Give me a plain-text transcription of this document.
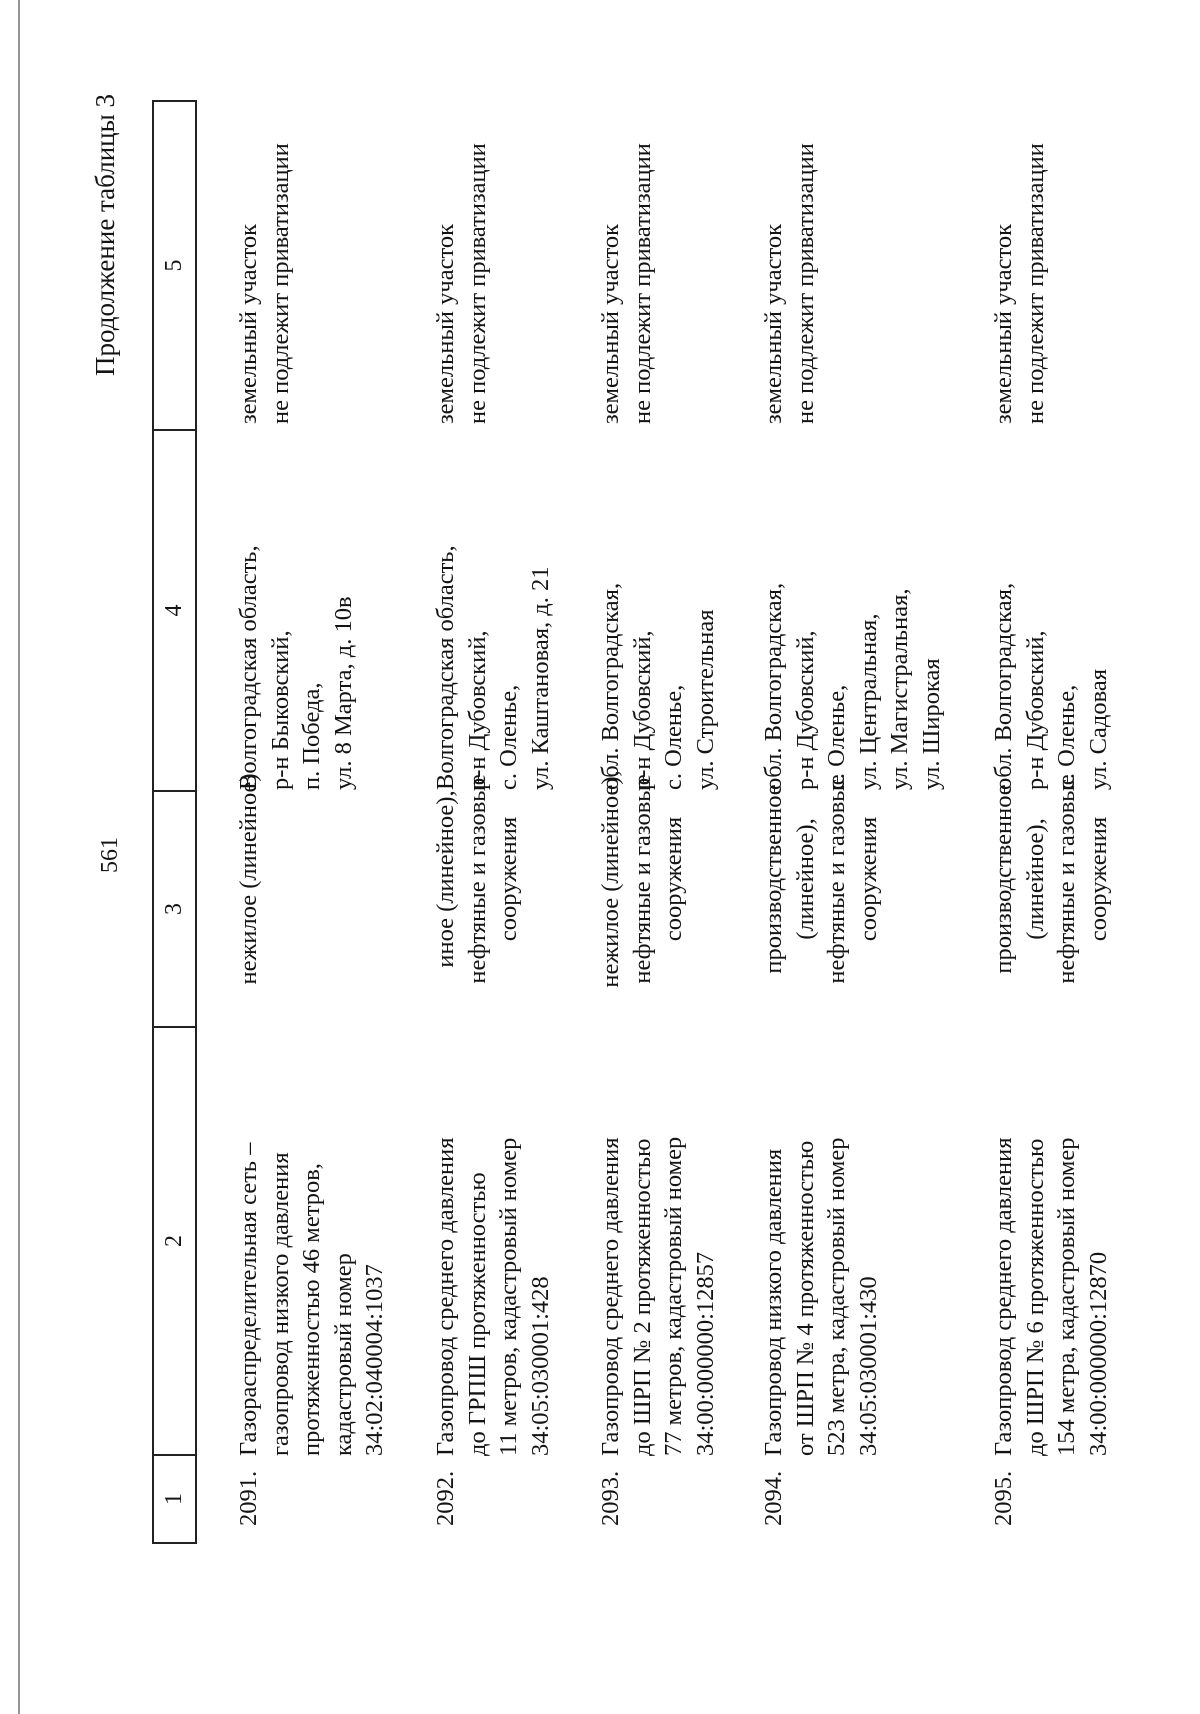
561
Продолжение таблицы 3
1
2
3
4
5
2091.
Газораспределительная сеть – газопровод низкого давления протяженностью 46 метров, кадастровый номер 34:02:040004:1037
нежилое (линейное)
Волгоградская область, р-н Быковский, п. Победа, ул. 8 Марта, д. 10в
земельный участок не подлежит приватизации
2092.
Газопровод среднего давления до ГРПШ протяженностью 11 метров, кадастровый номер 34:05:030001:428
иное (линейное), нефтяные и газовые сооружения
Волгоградская область, р-н Дубовский, с. Оленье, ул. Каштановая, д. 21
земельный участок не подлежит приватизации
2093.
Газопровод среднего давления до ШРП № 2 протяженностью 77 метров, кадастровый номер 34:00:000000:12857
нежилое (линейное), нефтяные и газовые сооружения
обл. Волгоградская, р-н Дубовский, с. Оленье, ул. Строительная
земельный участок не подлежит приватизации
2094.
Газопровод низкого давления от ШРП № 4 протяженностью 523 метра, кадастровый номер 34:05:030001:430
производственное (линейное), нефтяные и газовые сооружения
обл. Волгоградская, р-н Дубовский, с. Оленье, ул. Центральная, ул. Магистральная, ул. Широкая
земельный участок не подлежит приватизации
2095.
Газопровод среднего давления до ШРП № 6 протяженностью 154 метра, кадастровый номер 34:00:000000:12870
производственное (линейное), нефтяные и газовые сооружения
обл. Волгоградская, р-н Дубовский, с. Оленье, ул. Садовая
земельный участок не подлежит приватизации
